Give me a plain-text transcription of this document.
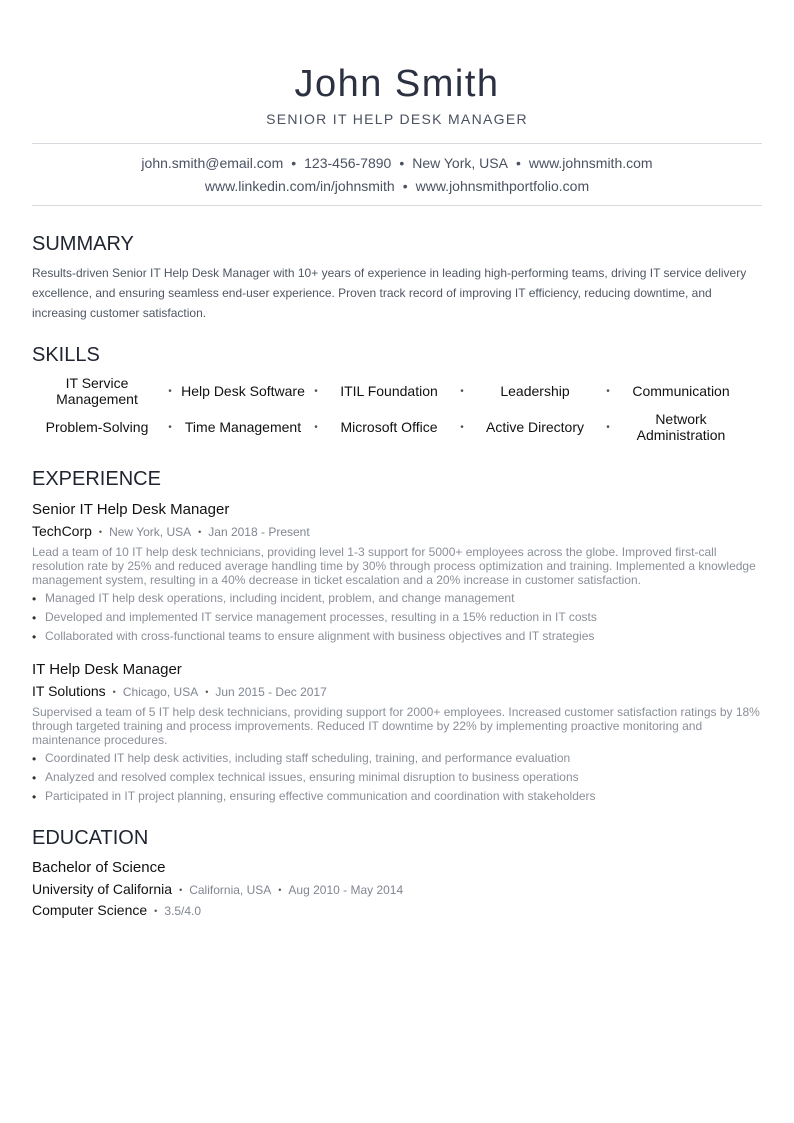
John Smith
SENIOR IT HELP DESK MANAGER
john.smith@email.com • 123-456-7890 • New York, USA • www.johnsmith.com
www.linkedin.com/in/johnsmith • www.johnsmithportfolio.com
SUMMARY

Results-driven Senior IT Help Desk Manager with 10+ years of experience in leading high-performing teams, driving IT service delivery excellence, and ensuring seamless end-user experience. Proven track record of improving IT efficiency, reducing downtime, and increasing customer satisfaction.

SKILLS
IT Service Management	• Help Desk Software •	ITIL Foundation	•	Leadership	•	Communication
Problem-Solving	• Time Management	•	Microsoft Office	•	Active Directory	•	Network Administration
EXPERIENCE
Senior IT Help Desk Manager
TechCorp • New York, USA • Jan 2018 - Present

Lead a team of 10 IT help desk technicians, providing level 1-3 support for 5000+ employees across the globe. Improved first-call resolution rate by 25% and reduced average handling time by 30% through process optimization and training. Implemented a knowledge management system, resulting in a 40% decrease in ticket escalation and a 20% increase in customer satisfaction.

• Managed IT help desk operations, including incident, problem, and change management
• Developed and implemented IT service management processes, resulting in a 15% reduction in IT costs
• Collaborated with cross-functional teams to ensure alignment with business objectives and IT strategies
IT Help Desk Manager
IT Solutions • Chicago, USA • Jun 2015 - Dec 2017

Supervised a team of 5 IT help desk technicians, providing support for 2000+ employees. Increased customer satisfaction ratings by 18% through targeted training and process improvements. Reduced IT downtime by 22% by implementing proactive monitoring and maintenance procedures.

• Coordinated IT help desk activities, including staff scheduling, training, and performance evaluation
• Analyzed and resolved complex technical issues, ensuring minimal disruption to business operations
• Participated in IT project planning, ensuring effective communication and coordination with stakeholders
EDUCATION
Bachelor of Science
University of California • California, USA • Aug 2010 - May 2014
Computer Science • 3.5/4.0
